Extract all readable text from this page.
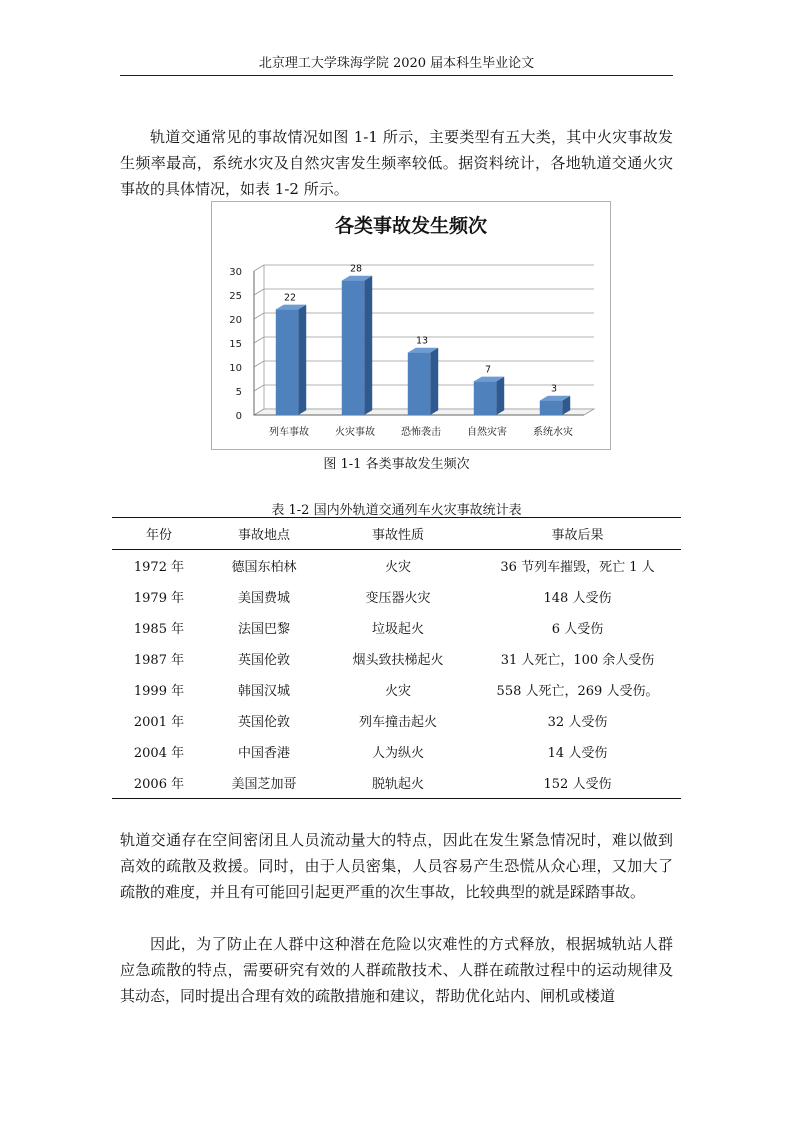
北京理工大学珠海学院 2020 届本科生毕业论文

轨道交通常见的事故情况如图 1-1 所示，主要类型有五大类，其中火灾事故发生频率最高，系统水灾及自然灾害发生频率较低。据资料统计，各地轨道交通火灾事故的具体情况，如表 1-2 所示。

各类事故发生频次
0
5
10
15
20
25
30
22
列车事故
28
火灾事故
13
恐怖袭击
7
自然灾害
3
系统水灾
图 1-1 各类事故发生频次
表 1-2 国内外轨道交通列车火灾事故统计表
年份	事故地点	事故性质	事故后果
1972 年	德国东柏林	火灾	36 节列车摧毁，死亡 1 人
1979 年	美国费城	变压器火灾	148 人受伤
1985 年	法国巴黎	垃圾起火	6 人受伤
1987 年	英国伦敦	烟头致扶梯起火	31 人死亡，100 余人受伤
1999 年	韩国汉城	火灾	558 人死亡，269 人受伤。
2001 年	英国伦敦	列车撞击起火	32 人受伤
2004 年	中国香港	人为纵火	14 人受伤
2006 年	美国芝加哥	脱轨起火	152 人受伤

轨道交通存在空间密闭且人员流动量大的特点，因此在发生紧急情况时，难以做到高效的疏散及救援。同时，由于人员密集，人员容易产生恐慌从众心理，又加大了疏散的难度，并且有可能回引起更严重的次生事故，比较典型的就是踩踏事故。

因此，为了防止在人群中这种潜在危险以灾难性的方式释放，根据城轨站人群应急疏散的特点，需要研究有效的人群疏散技术、人群在疏散过程中的运动规律及其动态，同时提出合理有效的疏散措施和建议，帮助优化站内、闸机或楼道
